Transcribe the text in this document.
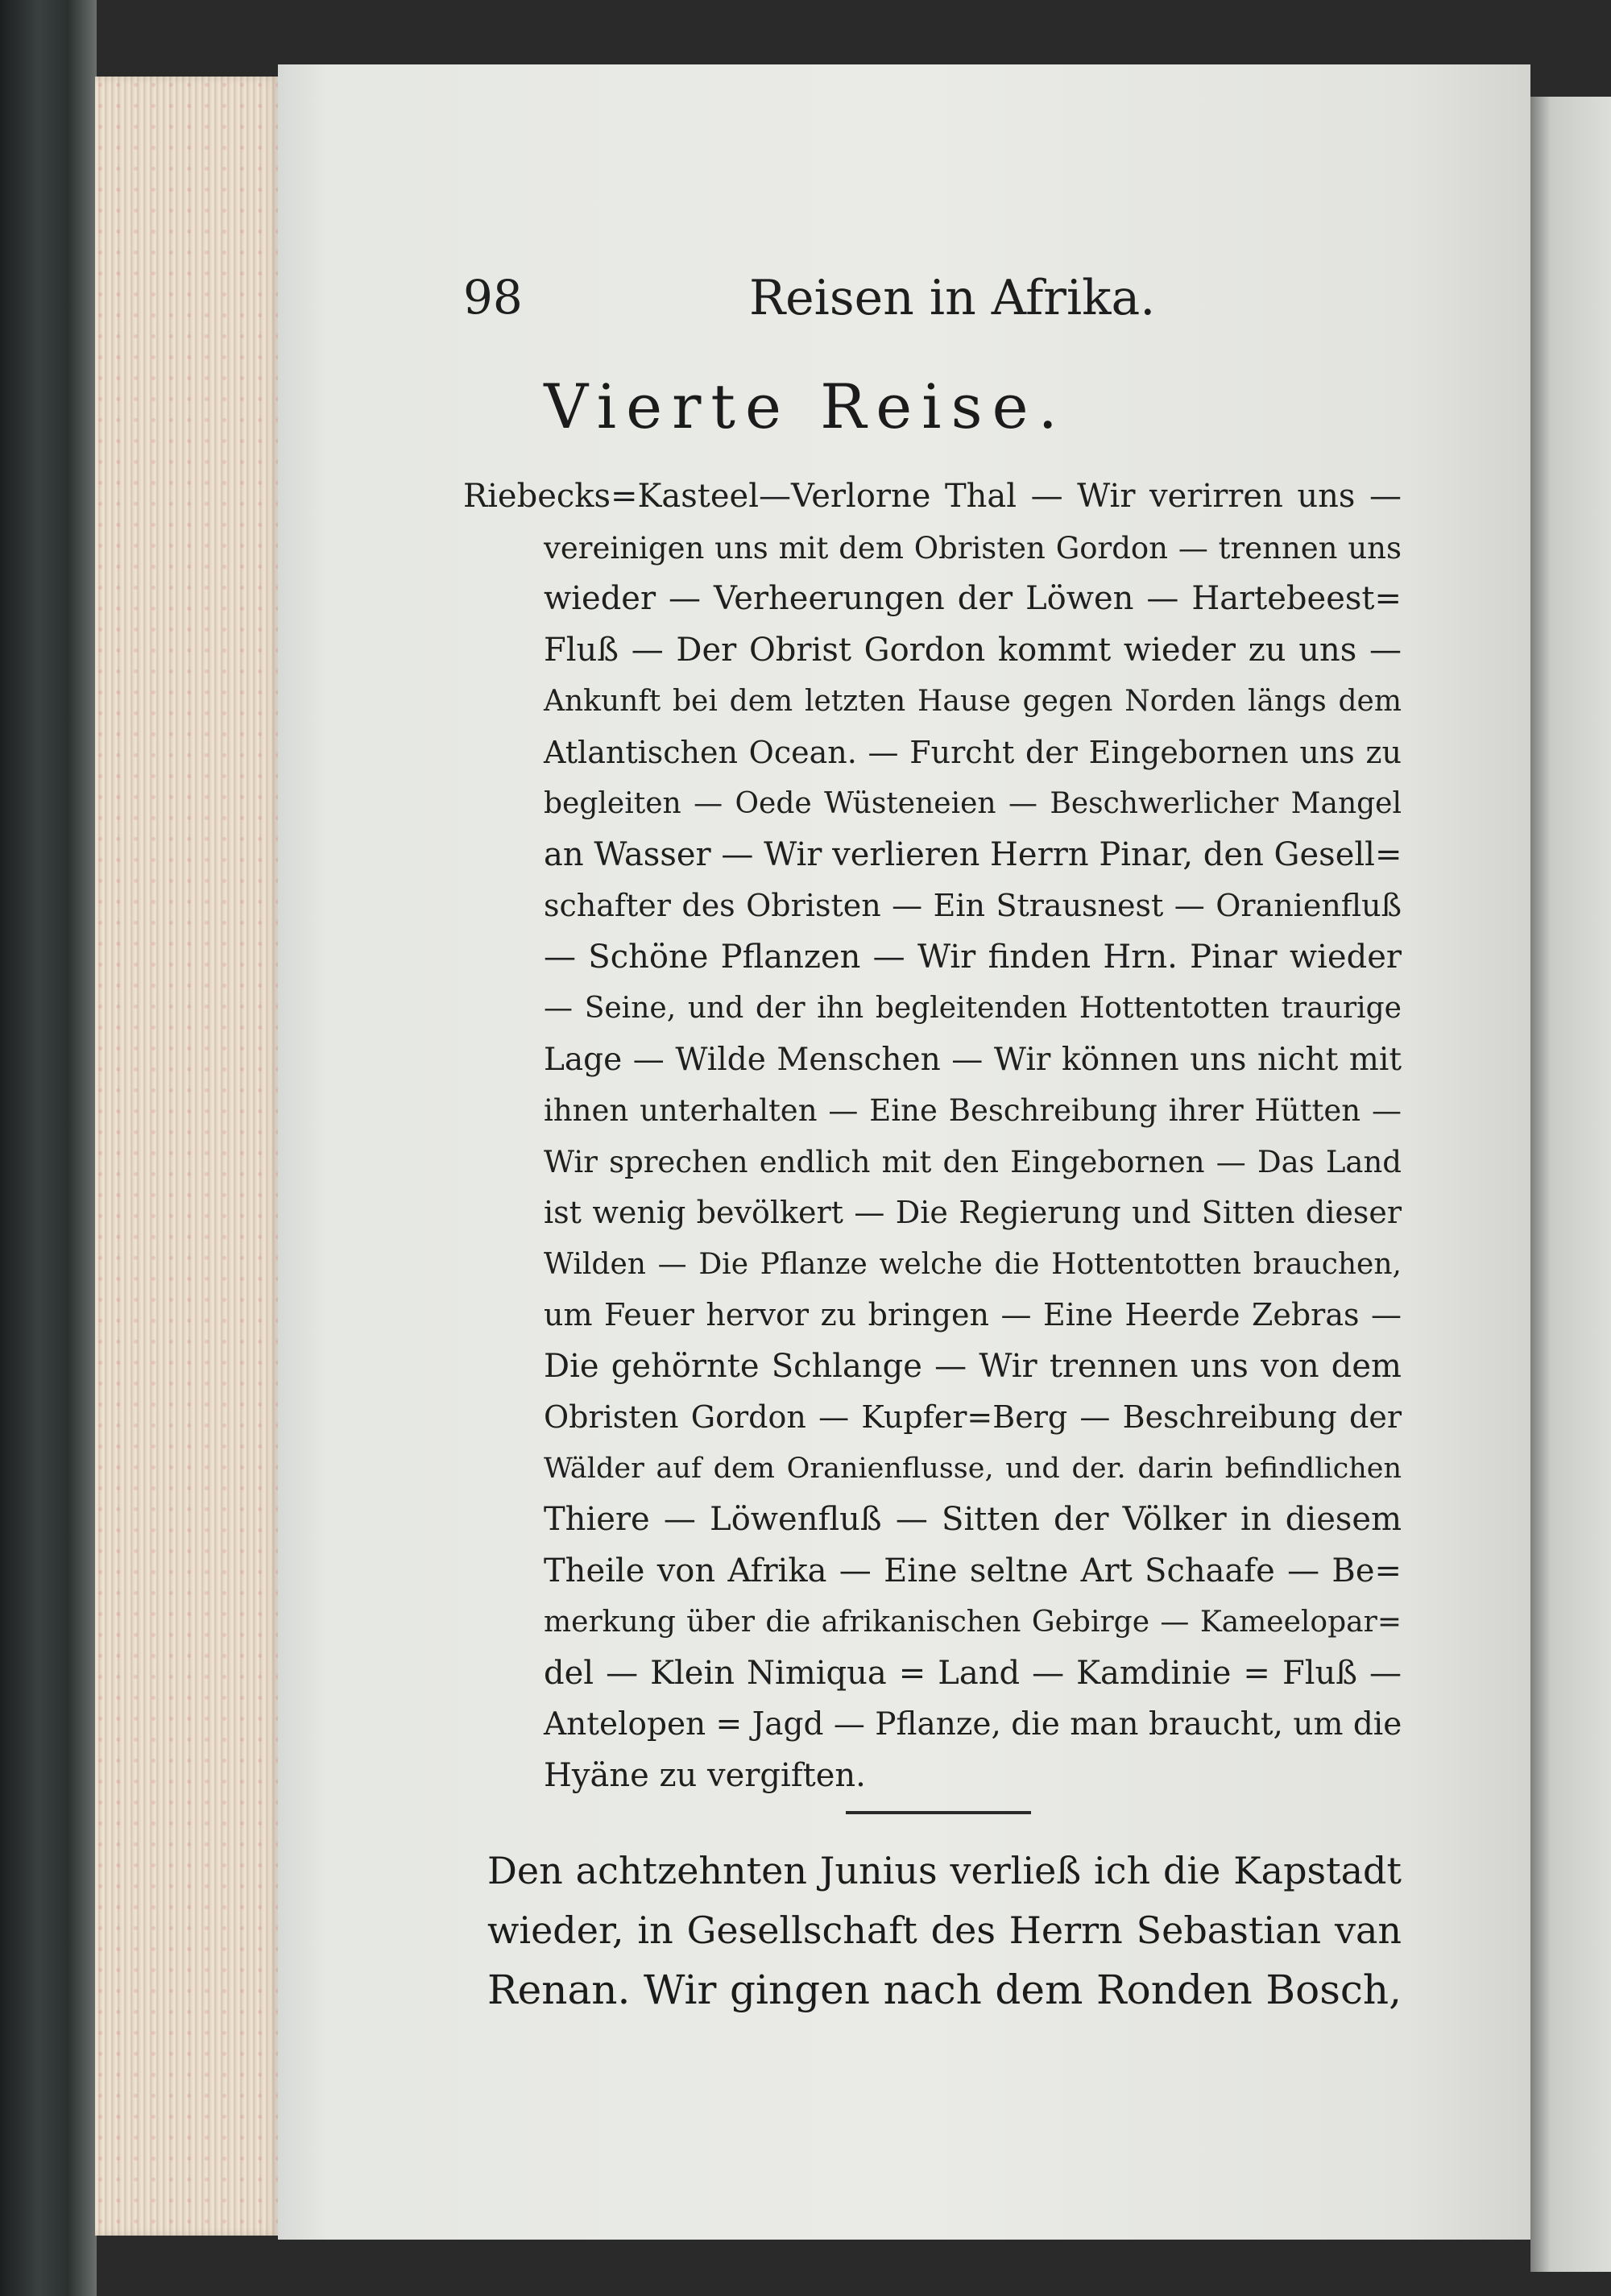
98	Reisen in Afrika.
Vierte Reise.
Riebecks=Kasteel—Verlorne Thal — Wir verirren uns —
vereinigen uns mit dem Obristen Gordon — trennen uns
wieder — Verheerungen der Löwen — Hartebeest=
Fluß — Der Obrist Gordon kommt wieder zu uns —
Ankunft bei dem letzten Hause gegen Norden längs dem
Atlantischen Ocean. — Furcht der Eingebornen uns zu
begleiten — Oede Wüsteneien — Beschwerlicher Mangel
an Wasser — Wir verlieren Herrn Pinar, den Gesell=
schafter des Obristen — Ein Strausnest — Oranienfluß
— Schöne Pflanzen — Wir finden Hrn. Pinar wieder
— Seine, und der ihn begleitenden Hottentotten traurige
Lage — Wilde Menschen — Wir können uns nicht mit
ihnen unterhalten — Eine Beschreibung ihrer Hütten —
Wir sprechen endlich mit den Eingebornen — Das Land
ist wenig bevölkert — Die Regierung und Sitten dieser
Wilden — Die Pflanze welche die Hottentotten brauchen,
um Feuer hervor zu bringen — Eine Heerde Zebras —
Die gehörnte Schlange — Wir trennen uns von dem
Obristen Gordon — Kupfer=Berg — Beschreibung der
Wälder auf dem Oranienflusse, und der. darin befindlichen
Thiere — Löwenfluß — Sitten der Völker in diesem
Theile von Afrika — Eine seltne Art Schaafe — Be=
merkung über die afrikanischen Gebirge — Kameelopar=
del — Klein Nimiqua = Land — Kamdinie = Fluß —
Antelopen = Jagd — Pflanze, die man braucht, um die
Hyäne zu vergiften.
Den achtzehnten Junius verließ ich die Kapstadt
wieder, in Gesellschaft des Herrn Sebastian van
Renan. Wir gingen nach dem Ronden Bosch,
